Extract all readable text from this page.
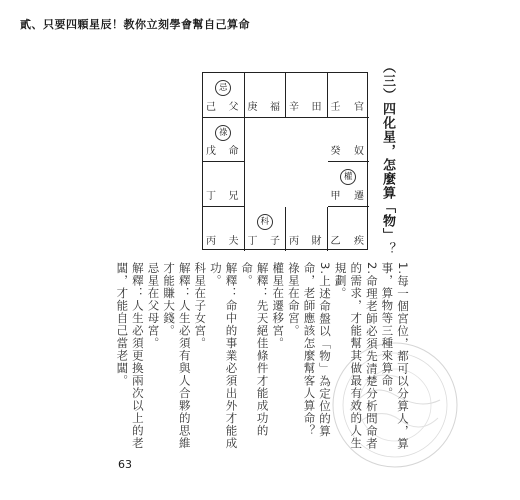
貳、只要四顆星辰！教你立刻學會幫自己算命
忌
己 父 庚 福 辛 田 壬 官
祿
戊 命
丁 兄
癸 奴
權
甲 遷
丙 夫
科
丁 子 丙 財 乙 疾 （三）四化星，怎麼算「物」？

1.每一個宮位，都可以分算人，算事，算物等三種來算命。

2.命理老師必須先清楚分析問命者的需求，才能幫其做最有效的人生規劃。

3.上述命盤以「物」為定位的算命，老師應該怎麼幫客人算命？

祿星在命宮。

權星在遷移宮。

解釋：先天絕佳條件才能成功的命。

解釋：命中的事業必須出外才能成功。

科星在子女宮。

解釋：人生必須有與人合夥的思維才能賺大錢。

忌星在父母宮。

解釋：人生必須更換兩次以上的老闆，才能自己當老闆。

63
